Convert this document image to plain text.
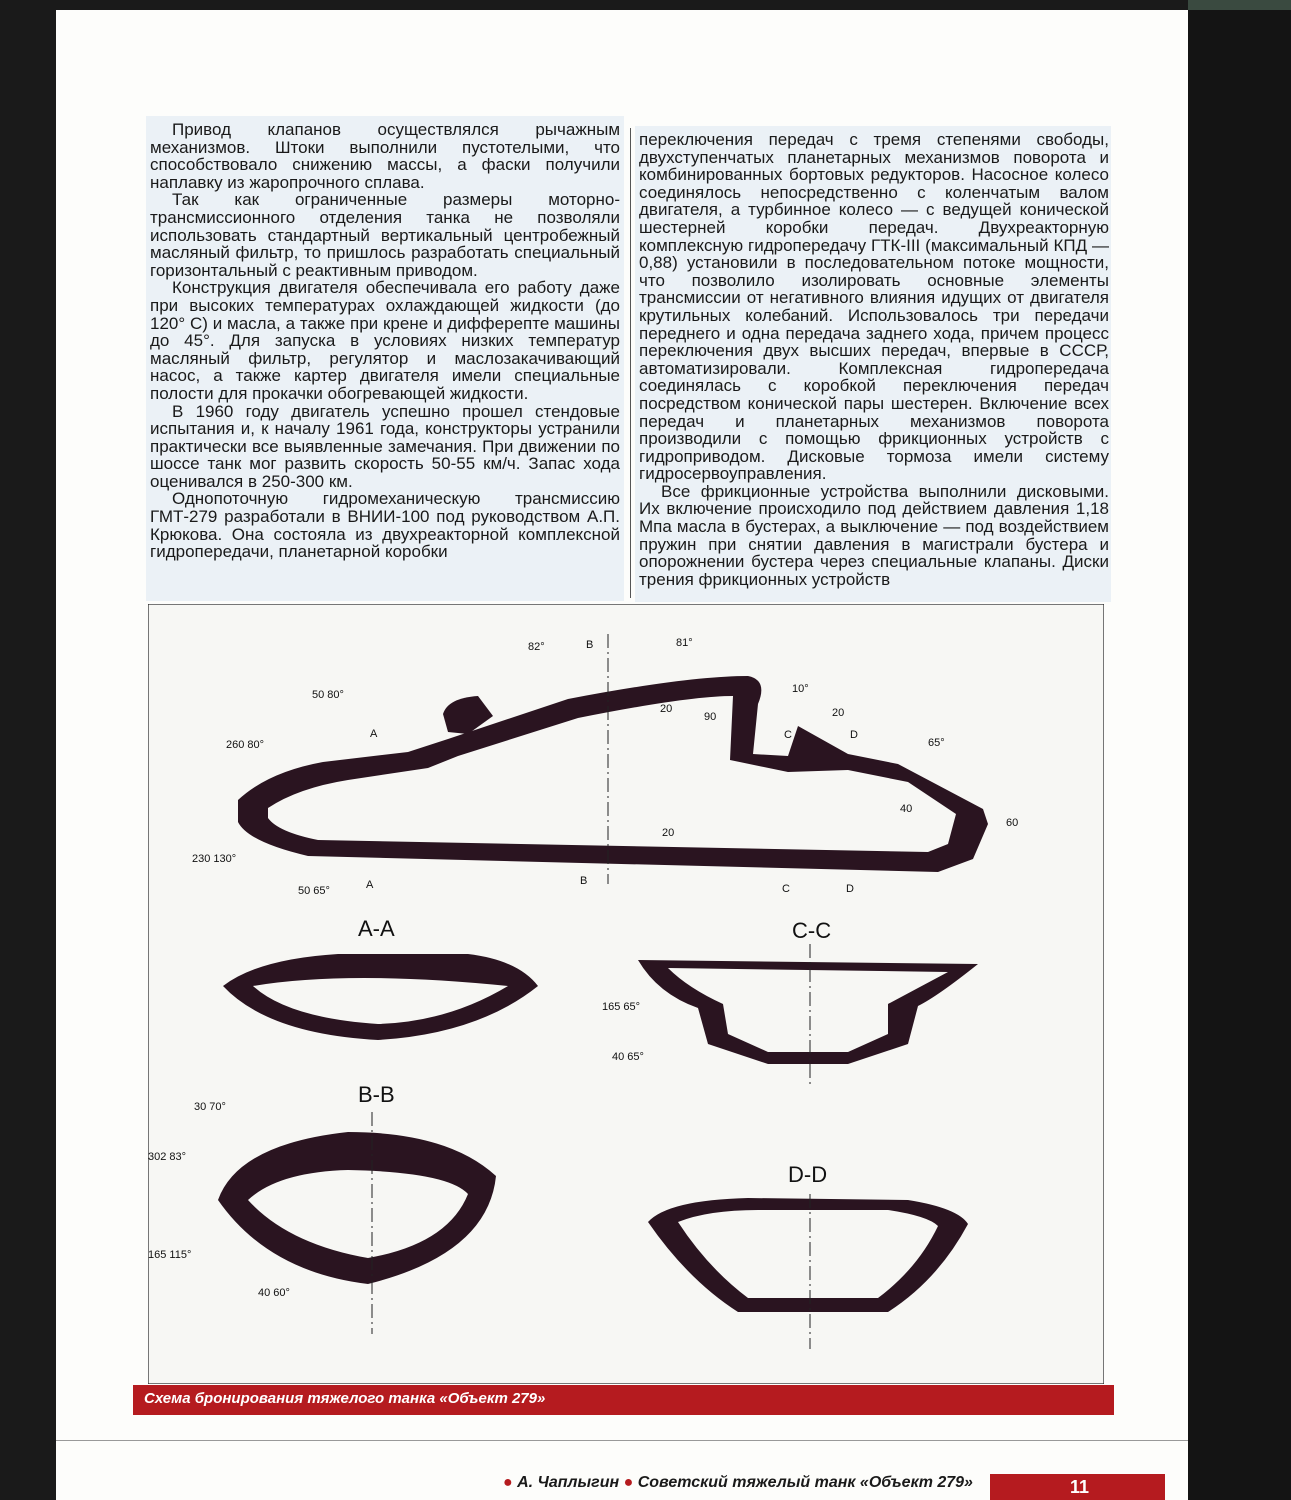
Привод клапанов осуществлялся рычажным механизмов. Штоки выполнили пустотелыми, что способствовало снижению массы, а фаски получили наплавку из жаропрочного сплава.

Так как ограниченные размеры моторно-трансмиссионного отделения танка не позволяли использовать стандартный вертикальный центробежный масляный фильтр, то пришлось разработать специальный горизонтальный с реактивным приводом.

Конструкция двигателя обеспечивала его работу даже при высоких температурах охлаждающей жидкости (до 120° С) и масла, а также при крене и дифферепте машины до 45°. Для запуска в условиях низких температур масляный фильтр, регулятор и маслозакачивающий насос, а также картер двигателя имели специальные полости для прокачки обогревающей жидкости.

В 1960 году двигатель успешно прошел стендовые испытания и, к началу 1961 года, конструкторы устранили практически все выявленные замечания. При движении по шоссе танк мог развить скорость 50-55 км/ч. Запас хода оценивался в 250-300 км.

Однопоточную гидромеханическую трансмиссию ГМТ-279 разработали в ВНИИ-100 под руководством А.П. Крюкова. Она состояла из двухреакторной комплексной гидропередачи, планетарной коробки

переключения передач с тремя степенями свободы, двухступенчатых планетарных механизмов поворота и комбинированных бортовых редукторов. Насосное колесо соединялось непосредственно с коленчатым валом двигателя, а турбинное колесо — с ведущей конической шестерней коробки передач. Двухреакторную комплексную гидропередачу ГТК-III (максимальный КПД — 0,88) установили в последовательном потоке мощности, что позволило изолировать основные элементы трансмиссии от негативного влияния идущих от двигателя крутильных колебаний. Использовалось три передачи переднего и одна передача заднего хода, причем процесс переключения двух высших передач, впервые в СССР, автоматизировали. Комплексная гидропередача соединялась с коробкой переключения передач посредством конической пары шестерен. Включение всех передач и планетарных механизмов поворота производили с помощью фрикционных устройств с гидроприводом. Дисковые тормоза имели систему гидросервоуправления.

Все фрикционные устройства выполнили дисковыми. Их включение происходило под действием давления 1,18 Мпа масла в бустерах, а выключение — под воздействием пружин при снятии давления в магистрали бустера и опорожнении бустера через специальные клапаны. Диски трения фрикционных устройств

82°	81°
10°
50 80°
20
90	20
260 80°	65°
40
60
20
230 130°
50 65°
165 65°
40 65°
30 70°
302 83°
165 115°
40 60°
A
B
C	D
A	B
C	D
A-A
B-B
C-C
D-D
Схема бронирования тяжелого танка «Объект 279»
● А. Чаплыгин ● Советский тяжелый танк «Объект 279»	11
